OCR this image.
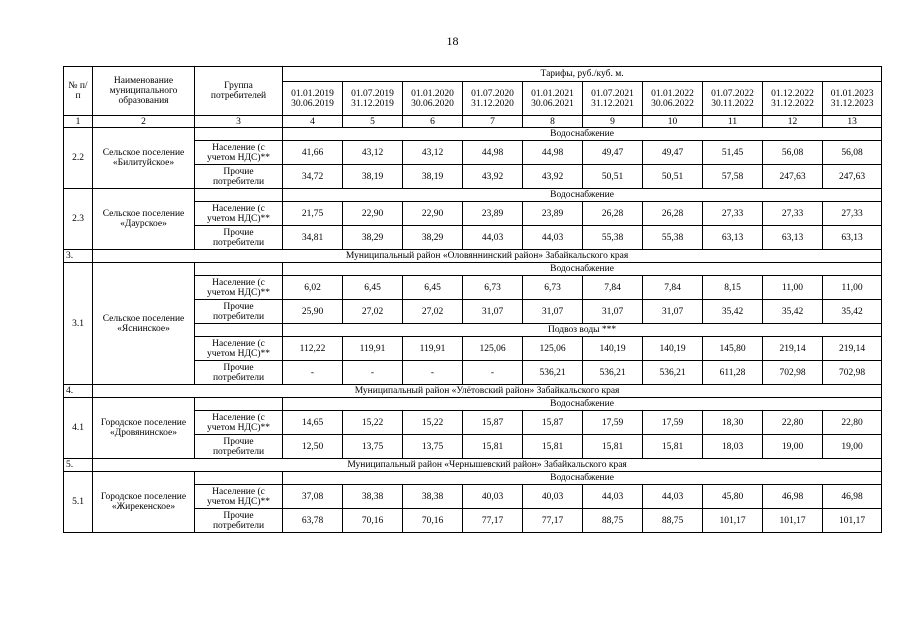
18
№ п/п	Наименование муниципального образования	Группа потребителей	Тарифы, руб./куб. м.									
			01.01.2019 30.06.2019	01.07.2019 31.12.2019	01.01.2020 30.06.2020	01.07.2020 31.12.2020	01.01.2021 30.06.2021	01.07.2021 31.12.2021	01.01.2022 30.06.2022	01.07.2022 30.11.2022	01.12.2022 31.12.2022	01.01.2023 31.12.2023
1	2	3	4	5	6	7	8	9	10	11	12	13
2.2	Сельское поселение «Билитуйское»		Водоснабжение									
		Население (с учетом НДС)**	41,66	43,12	43,12	44,98	44,98	49,47	49,47	51,45	56,08	56,08
		Прочие потребители	34,72	38,19	38,19	43,92	43,92	50,51	50,51	57,58	247,63	247,63
2.3	Сельское поселение «Даурское»		Водоснабжение									
		Население (с учетом НДС)**	21,75	22,90	22,90	23,89	23,89	26,28	26,28	27,33	27,33	27,33
		Прочие потребители	34,81	38,29	38,29	44,03	44,03	55,38	55,38	63,13	63,13	63,13
3.	Муниципальный район «Оловяннинский район» Забайкальского края											
3.1	Сельское поселение «Яснинское»		Водоснабжение									
		Население (с учетом НДС)**	6,02	6,45	6,45	6,73	6,73	7,84	7,84	8,15	11,00	11,00
		Прочие потребители	25,90	27,02	27,02	31,07	31,07	31,07	31,07	35,42	35,42	35,42
			Подвоз воды ***									
		Население (с учетом НДС)**	112,22	119,91	119,91	125,06	125,06	140,19	140,19	145,80	219,14	219,14
		Прочие потребители	-	-	-	-	536,21	536,21	536,21	611,28	702,98	702,98
4.	Муниципальный район «Улётовский район» Забайкальского края											
4.1	Городское поселение «Дровянинское»		Водоснабжение									
		Население (с учетом НДС)**	14,65	15,22	15,22	15,87	15,87	17,59	17,59	18,30	22,80	22,80
		Прочие потребители	12,50	13,75	13,75	15,81	15,81	15,81	15,81	18,03	19,00	19,00
5.	Муниципальный район «Чернышевский район» Забайкальского края											
5.1	Городское поселение «Жирекенское»		Водоснабжение									
		Население (с учетом НДС)**	37,08	38,38	38,38	40,03	40,03	44,03	44,03	45,80	46,98	46,98
		Прочие потребители	63,78	70,16	70,16	77,17	77,17	88,75	88,75	101,17	101,17	101,17
